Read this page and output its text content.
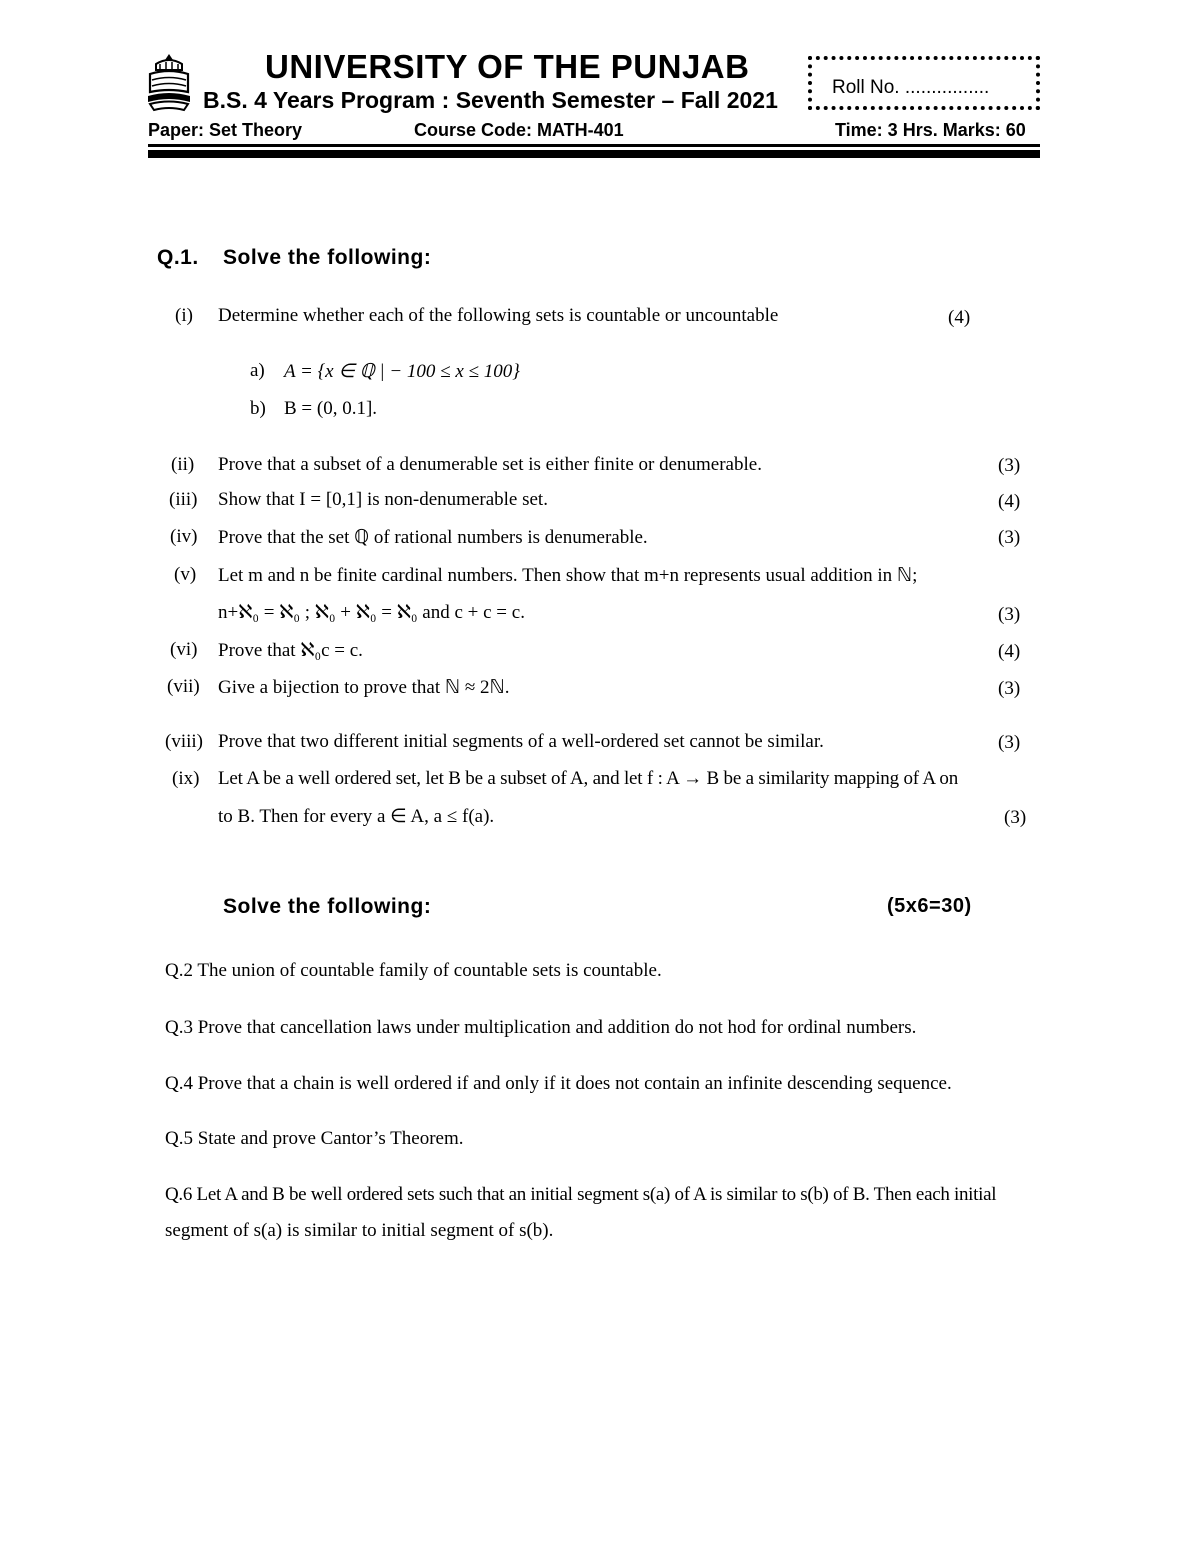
UNIVERSITY OF THE PUNJAB
B.S. 4 Years Program : Seventh Semester – Fall 2021	Roll No. ................
Paper: Set Theory	Course Code: MATH-401	Time: 3 Hrs. Marks: 60
Q.1. Solve the following:
(i) Determine whether each of the following sets is countable or uncountable	(4)
a) A = {x ∈ ℚ | − 100 ≤ x ≤ 100}
b) B = (0, 0.1].
(ii) Prove that a subset of a denumerable set is either finite or denumerable.	(3)
(iii) Show that I = [0,1] is non-denumerable set.	(4)
(iv) Prove that the set ℚ of rational numbers is denumerable.	(3)
(v) Let m and n be finite cardinal numbers. Then show that m+n represents usual addition in ℕ;
n+ℵ₀ = ℵ₀ ; ℵ₀ + ℵ₀ = ℵ₀ and c + c = c.	(3)
(vi) Prove that ℵ₀c = c.	(4)
(vii) Give a bijection to prove that ℕ ≈ 2ℕ.	(3)
(viii) Prove that two different initial segments of a well-ordered set cannot be similar.	(3)
(ix) Let A be a well ordered set, let B be a subset of A, and let f : A → B be a similarity mapping of A on
to B. Then for every a ∈ A, a ≤ f(a).	(3)
Solve the following:	(5x6=30)
Q.2 The union of countable family of countable sets is countable.
Q.3 Prove that cancellation laws under multiplication and addition do not hod for ordinal numbers.
Q.4 Prove that a chain is well ordered if and only if it does not contain an infinite descending sequence.
Q.5 State and prove Cantor’s Theorem.
Q.6 Let A and B be well ordered sets such that an initial segment s(a) of A is similar to s(b) of B. Then each initial
segment of s(a) is similar to initial segment of s(b).
